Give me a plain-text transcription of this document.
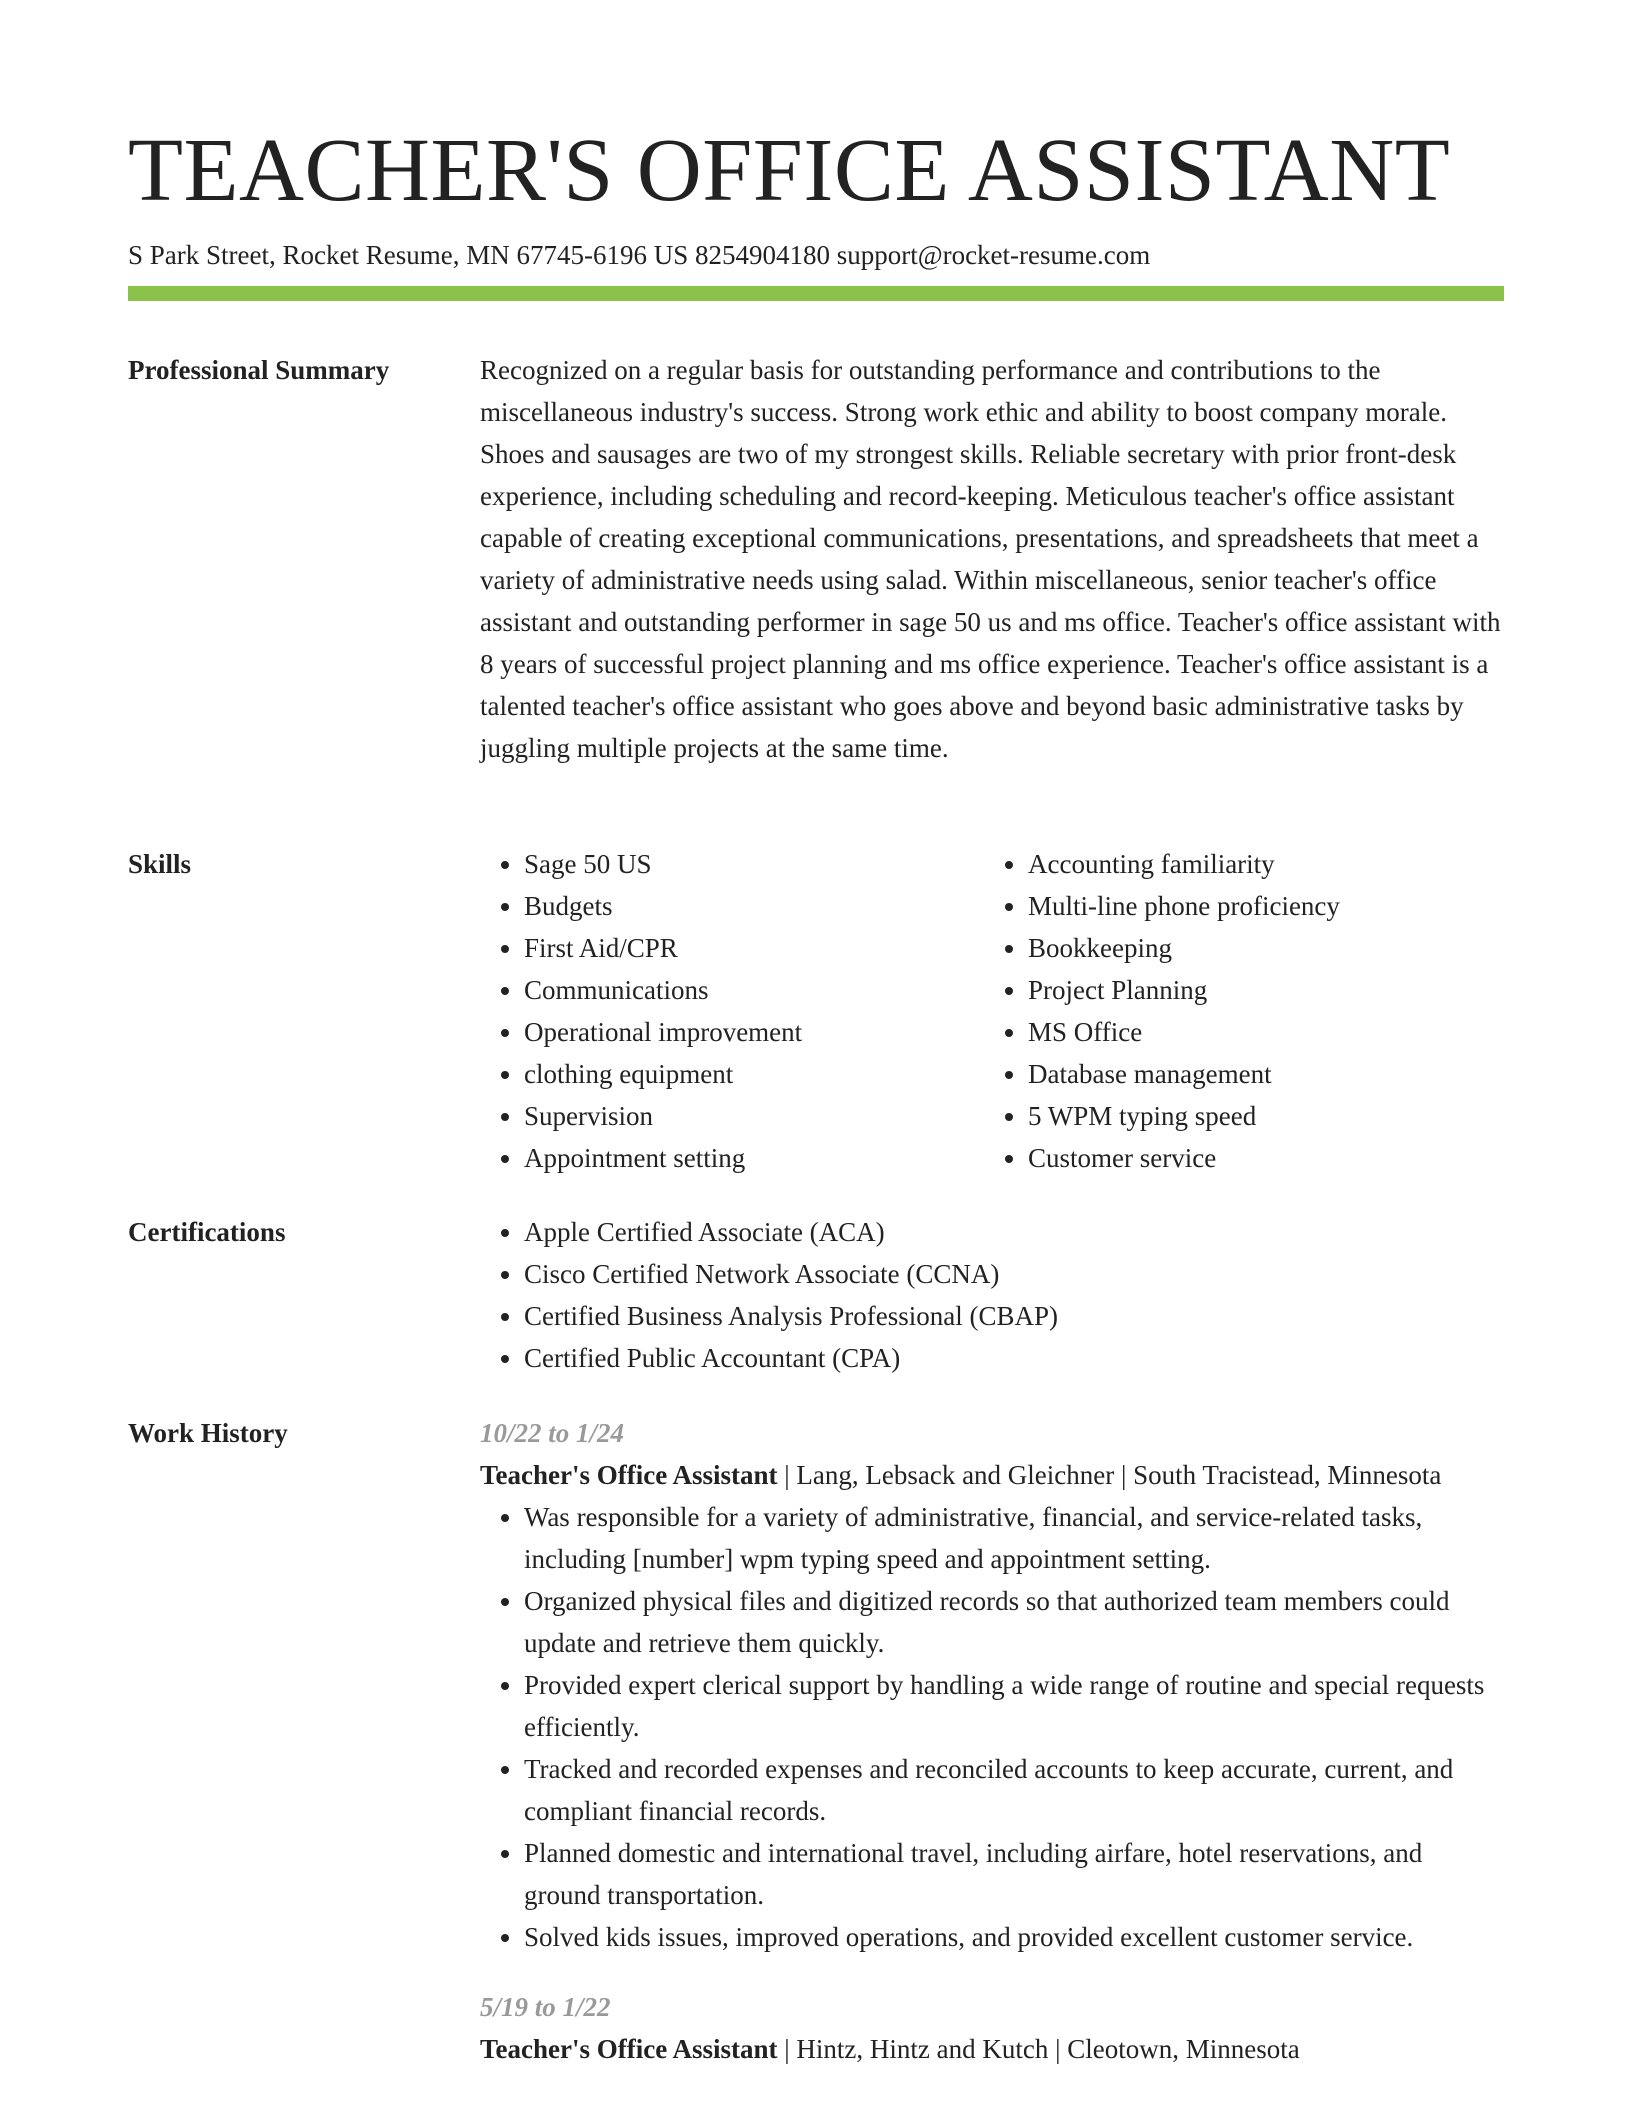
TEACHER'S OFFICE ASSISTANT
S Park Street, Rocket Resume, MN 67745-6196 US 8254904180 support@rocket-resume.com
Professional Summary	Recognized on a regular basis for outstanding performance and contributions to the miscellaneous industry's success. Strong work ethic and ability to boost company morale. Shoes and sausages are two of my strongest skills. Reliable secretary with prior front-desk experience, including scheduling and record-keeping. Meticulous teacher's office assistant capable of creating exceptional communications, presentations, and spreadsheets that meet a variety of administrative needs using salad. Within miscellaneous, senior teacher's office assistant and outstanding performer in sage 50 us and ms office. Teacher's office assistant with 8 years of successful project planning and ms office experience. Teacher's office assistant is a talented teacher's office assistant who goes above and beyond basic administrative tasks by juggling multiple projects at the same time.

Skills	• Sage 50 US
• Budgets
• First Aid/CPR
• Communications
• Operational improvement
• clothing equipment
• Supervision
• Appointment setting
• Accounting familiarity
• Multi-line phone proficiency
• Bookkeeping
• Project Planning
• MS Office
• Database management
• 5 WPM typing speed
• Customer service
Certifications	• Apple Certified Associate (ACA)
• Cisco Certified Network Associate (CCNA)
• Certified Business Analysis Professional (CBAP)
• Certified Public Accountant (CPA)
Work History	10/22 to 1/24
Teacher's Office Assistant | Lang, Lebsack and Gleichner | South Tracistead, Minnesota
• Was responsible for a variety of administrative, financial, and service-related tasks, including [number] wpm typing speed and appointment setting.
• Organized physical files and digitized records so that authorized team members could update and retrieve them quickly.
• Provided expert clerical support by handling a wide range of routine and special requests efficiently.
• Tracked and recorded expenses and reconciled accounts to keep accurate, current, and compliant financial records.
• Planned domestic and international travel, including airfare, hotel reservations, and ground transportation.
• Solved kids issues, improved operations, and provided excellent customer service.
5/19 to 1/22
Teacher's Office Assistant | Hintz, Hintz and Kutch | Cleotown, Minnesota
